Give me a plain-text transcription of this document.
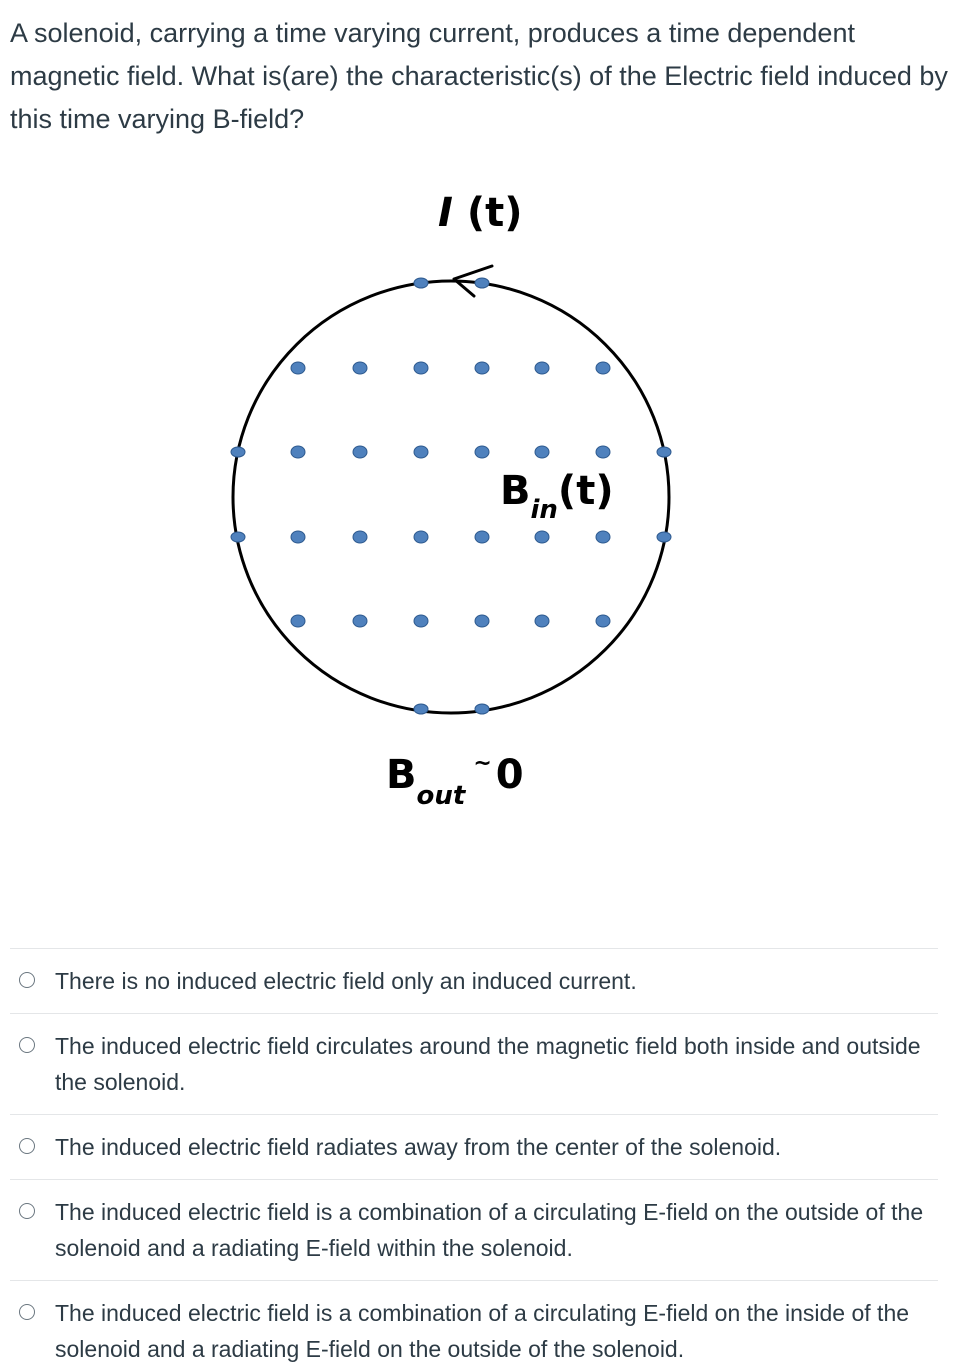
A solenoid, carrying a time varying current, produces a time dependent magnetic field. What is(are) the characteristic(s) of the Electric field induced by this time varying B-field?

I (t)
$B_{in}(t)$
$B_{out}^\sim$ 0
There is no induced electric field only an induced current.
The induced electric field circulates around the magnetic field both inside and outside the solenoid.
The induced electric field radiates away from the center of the solenoid.
The induced electric field is a combination of a circulating E-field on the outside of the solenoid and a radiating E-field within the solenoid.
The induced electric field is a combination of a circulating E-field on the inside of the solenoid and a radiating E-field on the outside of the solenoid.
